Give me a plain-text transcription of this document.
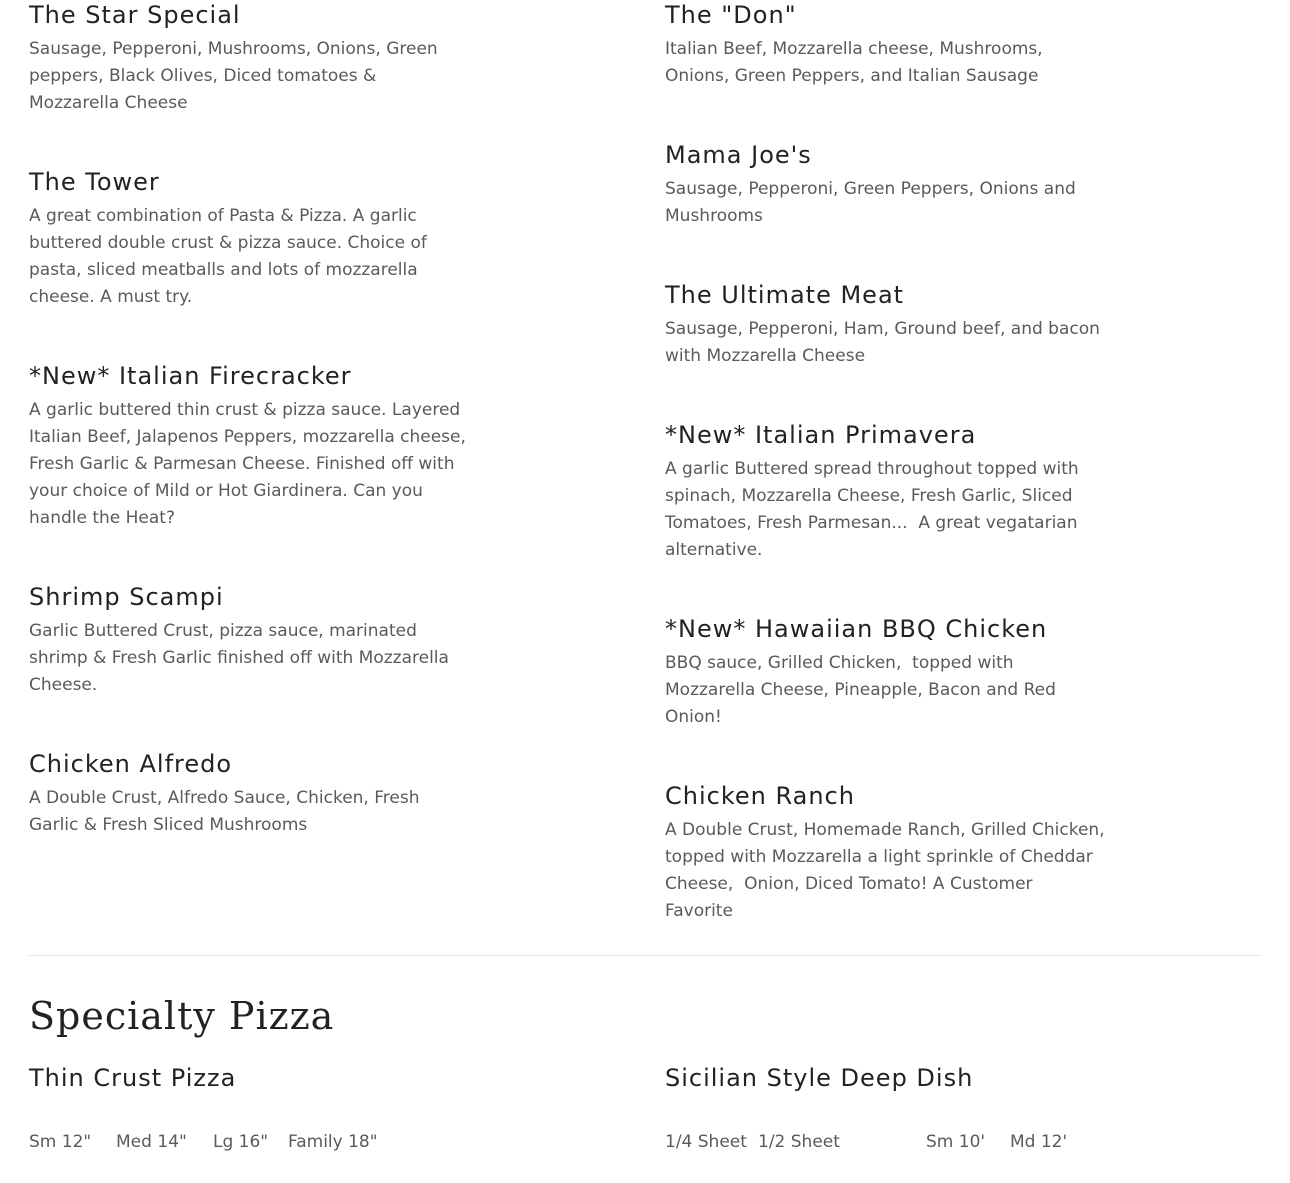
The Star Special

Sausage, Pepperoni, Mushrooms, Onions, Green peppers, Black Olives, Diced tomatoes & Mozzarella Cheese

The Tower

A great combination of Pasta & Pizza. A garlic buttered double crust & pizza sauce. Choice of pasta, sliced meatballs and lots of mozzarella cheese. A must try.

*New* Italian Firecracker

A garlic buttered thin crust & pizza sauce. Layered Italian Beef, Jalapenos Peppers, mozzarella cheese, Fresh Garlic & Parmesan Cheese. Finished off with your choice of Mild or Hot Giardinera. Can you handle the Heat?

Shrimp Scampi

Garlic Buttered Crust, pizza sauce, marinated shrimp & Fresh Garlic finished off with Mozzarella Cheese.

Chicken Alfredo

A Double Crust, Alfredo Sauce, Chicken, Fresh Garlic & Fresh Sliced Mushrooms

The "Don"

Italian Beef, Mozzarella cheese, Mushrooms, Onions, Green Peppers, and Italian Sausage

Mama Joe's

Sausage, Pepperoni, Green Peppers, Onions and Mushrooms

The Ultimate Meat

Sausage, Pepperoni, Ham, Ground beef, and bacon with Mozzarella Cheese

*New* Italian Primavera

A garlic Buttered spread throughout topped with spinach, Mozzarella Cheese, Fresh Garlic, Sliced Tomatoes, Fresh Parmesan...  A great vegatarian alternative.

*New* Hawaiian BBQ Chicken

BBQ sauce, Grilled Chicken,  topped with Mozzarella Cheese, Pineapple, Bacon and Red Onion!

Chicken Ranch

A Double Crust, Homemade Ranch, Grilled Chicken,  topped with Mozzarella a light sprinkle of Cheddar Cheese,  Onion, Diced Tomato! A Customer Favorite

Specialty Pizza
Thin Crust Pizza	Sicilian Style Deep Dish
Sm 12" Med 14" Lg 16" Family 18"	1/4 Sheet 1/2 Sheet	Sm 10' Md 12'
